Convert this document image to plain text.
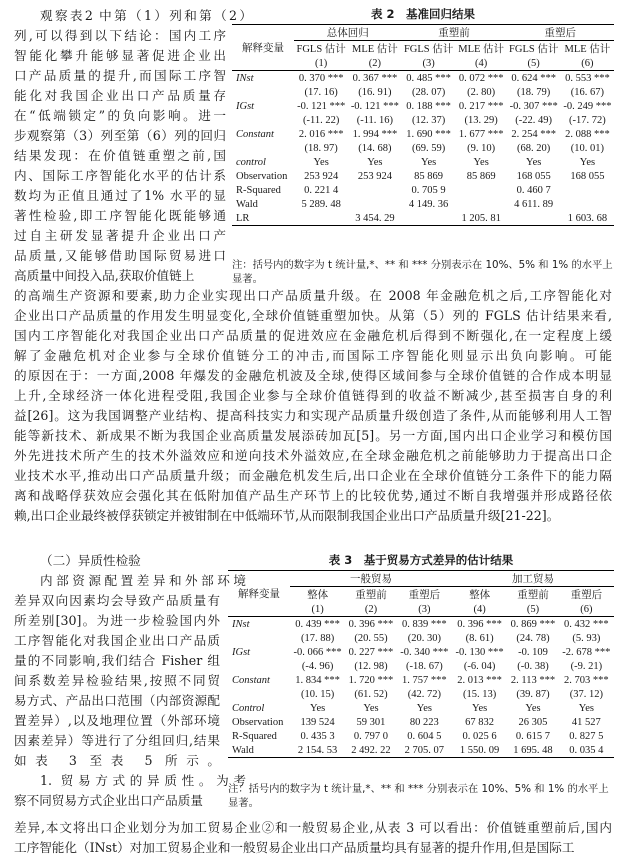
观察表2 中第（1）列和第（2）
列,可以得到以下结论：国内工序
智能化攀升能够显著促进企业出
口产品质量的提升,而国际工序智
能化对我国企业出口产品质量存
在“低端锁定”的负向影响。进一
步观察第（3）列至第（6）列的回归
结果发现：在价值链重塑之前,国
内、国际工序智能化水平的估计系
数均为正值且通过了1% 水平的显
著性检验,即工序智能化既能够通
过自主研发显著提升企业出口产
品质量,又能够借助国际贸易进口
高质量中间投入品,获取价值链上
表 2　基准回归结果
解释变量	总体回归		重塑前		重塑后	
	FGLS 估计	MLE 估计	FGLS 估计	MLE 估计	FGLS 估计	MLE 估计
	(1)	(2)	(3)	(4)	(5)	(6)
INst	0. 370 ***	0. 367 ***	0. 485 ***	0. 072 ***	0. 624 ***	0. 553 ***
	(17. 16)	(16. 91)	(28. 07)	(2. 80)	(18. 79)	(16. 67)
IGst	-0. 121 ***	-0. 121 ***	0. 188 ***	0. 217 ***	-0. 307 ***	-0. 249 ***
	(-11. 22)	(-11. 16)	(12. 37)	(13. 29)	(-22. 49)	(-17. 72)
Constant	2. 016 ***	1. 994 ***	1. 690 ***	1. 677 ***	2. 254 ***	2. 088 ***
	(18. 97)	(14. 68)	(69. 59)	(9. 10)	(68. 20)	(10. 01)
control	Yes	Yes	Yes	Yes	Yes	Yes
Observation	253 924	253 924	85 869	85 869	168 055	168 055
R-Squared	0. 221 4		0. 705 9		0. 460 7	
Wald	5 289. 48		4 149. 36		4 611. 89	
LR		3 454. 29		1 205. 81		1 603. 68
注：括号内的数字为 t 统计量,*、** 和 *** 分别表示在 10%、5% 和 1% 的水平上显著。
的高端生产资源和要素,助力企业实现出口产品质量升级。在 2008 年金融危机之后,工序智能化对
企业出口产品质量的作用发生明显变化,全球价值链重塑加快。从第（5）列的 FGLS 估计结果来看,
国内工序智能化对我国企业出口产品质量的促进效应在金融危机后得到不断强化,在一定程度上缓
解了金融危机对企业参与全球价值链分工的冲击,而国际工序智能化则显示出负向影响。可能
的原因在于：一方面,2008 年爆发的金融危机波及全球,使得区域间参与全球价值链的合作成本明显
上升,全球经济一体化进程受阻,我国企业参与全球价值链得到的收益不断减少,甚至损害自身的利
益[26]。这为我国调整产业结构、提高科技实力和实现产品质量升级创造了条件,从而能够利用人工智
能等新技术、新成果不断为我国企业高质量发展添砖加瓦[5]。另一方面,国内出口企业学习和模仿国
外先进技术所产生的技术外溢效应和逆向技术外溢效应,在全球金融危机之前能够助力于提高出口企
业技术水平,推动出口产品质量升级；而金融危机发生后,出口企业在全球价值链分工条件下的能力隔
离和战略俘获效应会强化其在低附加值产品生产环节上的比较优势,通过不断自我增强并形成路径依
赖,出口企业最终被俘获锁定并被钳制在中低端环节,从而限制我国企业出口产品质量升级[21-22]。
（二）异质性检验
内部资源配置差异和外部环境
差异双向因素均会导致产品质量有
所差别[30]。为进一步检验国内外
工序智能化对我国企业出口产品质
量的不同影响,我们结合 Fisher 组
间系数差异检验结果,按照不同贸
易方式、产品出口范围（内部资源配
置差异）,以及地理位置（外部环境
因素差异）等进行了分组回归,结果
如表 3 至表 5 所示。
1. 贸易方式的异质性。为考
察不同贸易方式企业出口产品质量
表 3　基于贸易方式差异的估计结果
解释变量	一般贸易			加工贸易		
	整体	重塑前	重塑后	整体	重塑前	重塑后
	(1)	(2)	(3)	(4)	(5)	(6)
INst	0. 439 ***	0. 396 ***	0. 839 ***	0. 396 ***	0. 869 ***	0. 432 ***
	(17. 88)	(20. 55)	(20. 30)	(8. 61)	(24. 78)	(5. 93)
IGst	-0. 066 ***	0. 227 ***	-0. 340 ***	-0. 130 ***	-0. 109	-2. 678 ***
	(-4. 96)	(12. 98)	(-18. 67)	(-6. 04)	(-0. 38)	(-9. 21)
Constant	1. 834 ***	1. 720 ***	1. 757 ***	2. 013 ***	2. 113 ***	2. 703 ***
	(10. 15)	(61. 52)	(42. 72)	(15. 13)	(39. 87)	(37. 12)
Control	Yes	Yes	Yes	Yes	Yes	Yes
Observation	139 524	59 301	80 223	67 832	26 305	41 527
R-Squared	0. 435 3	0. 797 0	0. 604 5	0. 025 6	0. 615 7	0. 827 5
Wald	2 154. 53	2 492. 22	2 705. 07	1 550. 09	1 695. 48	0. 035 4
注：括号内的数字为 t 统计量,*、** 和 *** 分别表示在 10%、5% 和 1% 的水平上显著。
差异,本文将出口企业划分为加工贸易企业②和一般贸易企业,从表 3 可以看出：价值链重塑前后,国内
工序智能化（INst）对加工贸易企业和一般贸易企业出口产品质量均具有显著的提升作用,但是国际工
